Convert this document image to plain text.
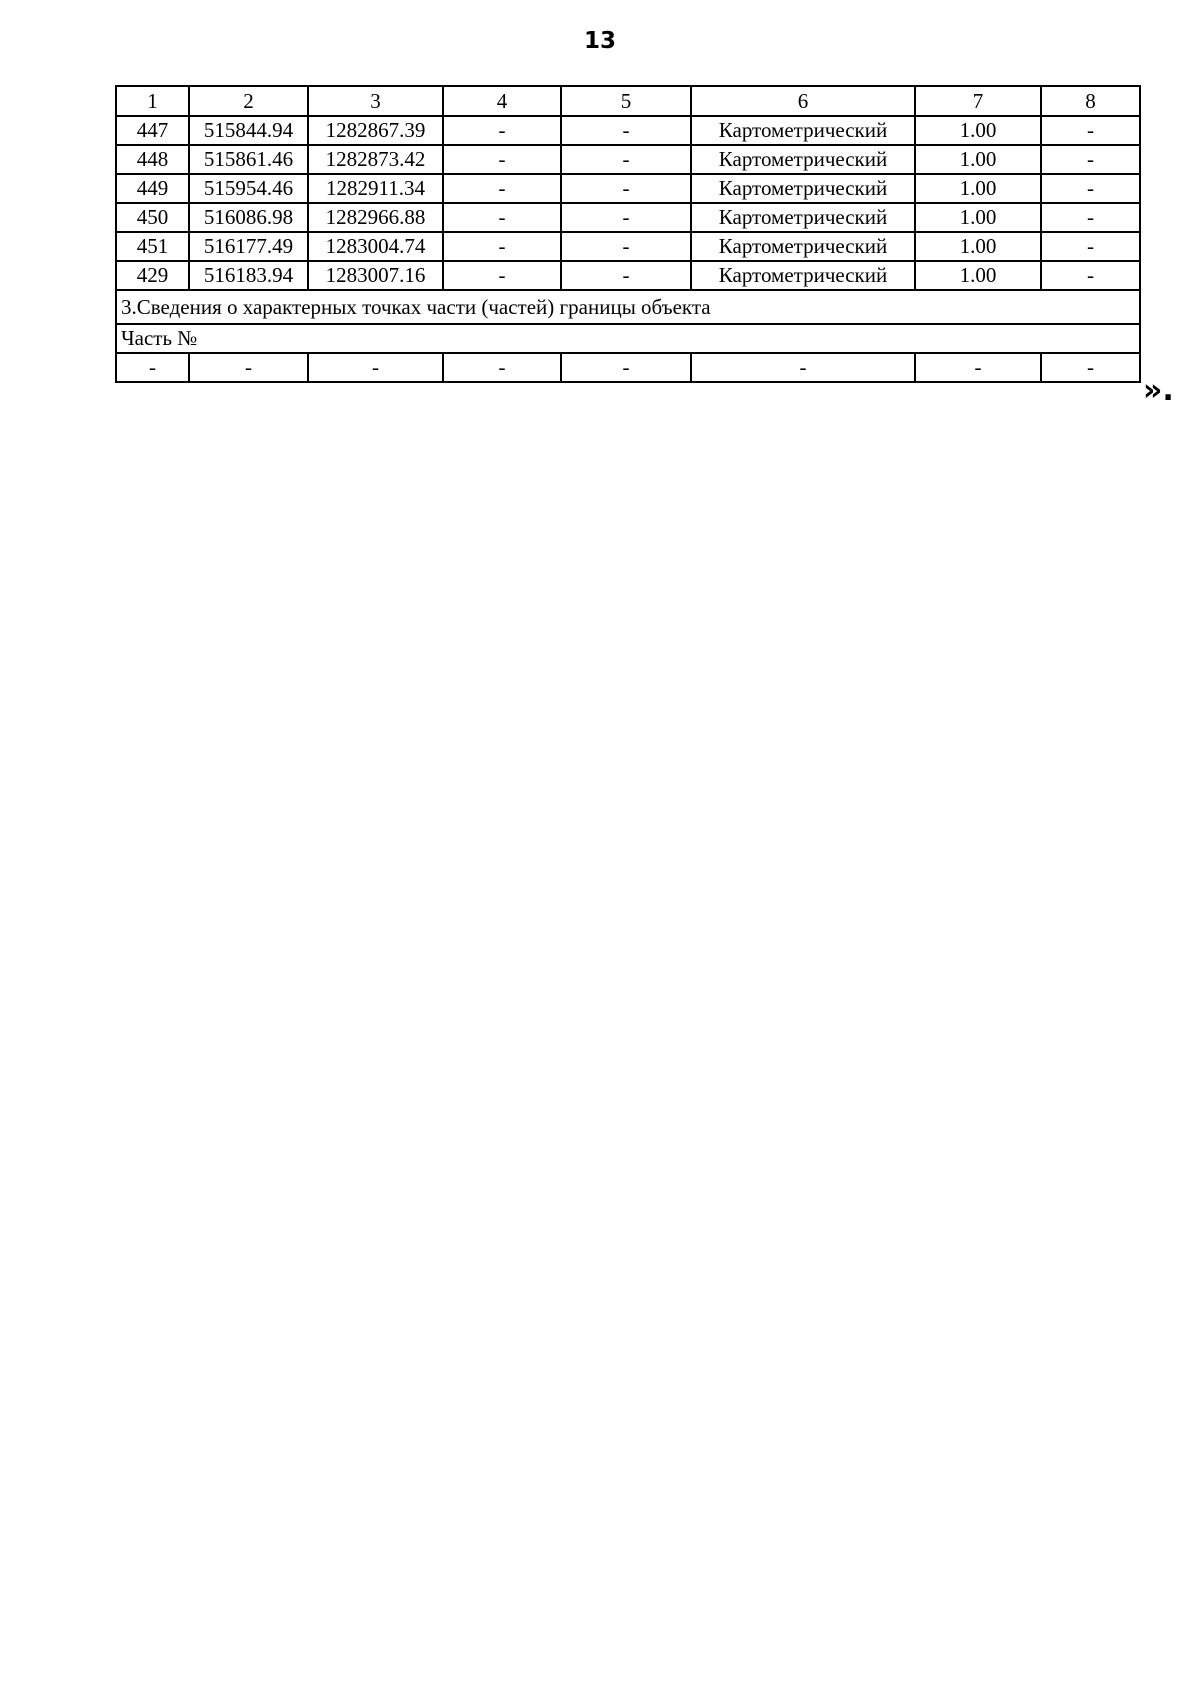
13
1	2	3	4	5	6	7	8
447	515844.94	1282867.39	-	-	Картометрический	1.00	-
448	515861.46	1282873.42	-	-	Картометрический	1.00	-
449	515954.46	1282911.34	-	-	Картометрический	1.00	-
450	516086.98	1282966.88	-	-	Картометрический	1.00	-
451	516177.49	1283004.74	-	-	Картометрический	1.00	-
429	516183.94	1283007.16	-	-	Картометрический	1.00	-
3.Сведения о характерных точках части (частей) границы объекта							
Часть №							
-	-	-	-	-	-	-	-
».
